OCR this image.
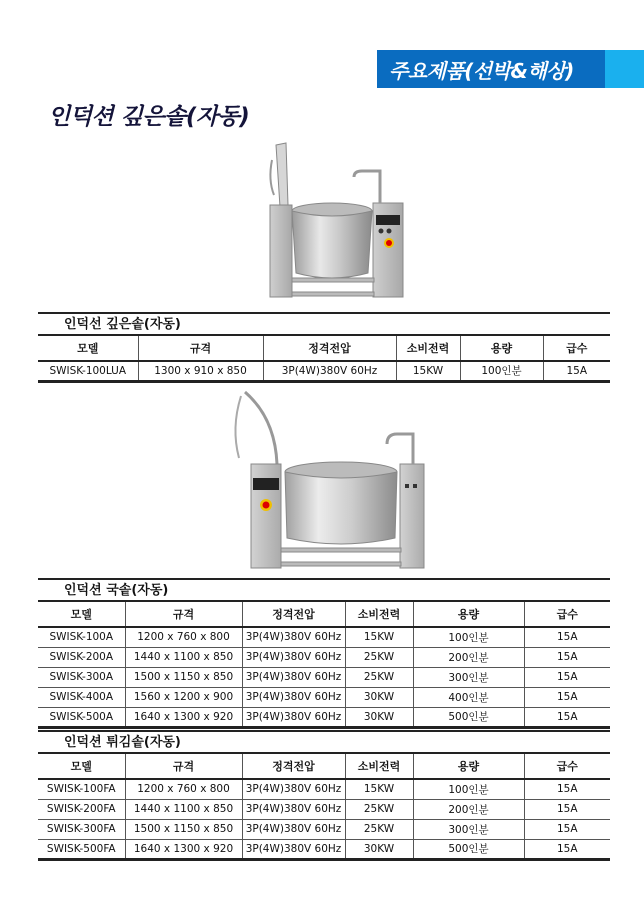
주요제품(선박&해상)
인덕션 깊은솥(자동)
인덕선 깊은솥(자동)
모델	규격	정격전압	소비전력	용량	급수
SWISK-100LUA	1300 x 910 x 850	3P(4W)380V 60Hz	15KW	100인분	15A
인덕션 국솥(자동)
모델	규격	정격전압	소비전력	용량	급수
SWISK-100A	1200 x 760 x 800	3P(4W)380V 60Hz	15KW	100인분	15A
SWISK-200A	1440 x 1100 x 850	3P(4W)380V 60Hz	25KW	200인분	15A
SWISK-300A	1500 x 1150 x 850	3P(4W)380V 60Hz	25KW	300인분	15A
SWISK-400A	1560 x 1200 x 900	3P(4W)380V 60Hz	30KW	400인분	15A
SWISK-500A	1640 x 1300 x 920	3P(4W)380V 60Hz	30KW	500인분	15A
인덕션 튀김솥(자동)
모델	규격	정격전압	소비전력	용량	급수
SWISK-100FA	1200 x 760 x 800	3P(4W)380V 60Hz	15KW	100인분	15A
SWISK-200FA	1440 x 1100 x 850	3P(4W)380V 60Hz	25KW	200인분	15A
SWISK-300FA	1500 x 1150 x 850	3P(4W)380V 60Hz	25KW	300인분	15A
SWISK-500FA	1640 x 1300 x 920	3P(4W)380V 60Hz	30KW	500인분	15A
